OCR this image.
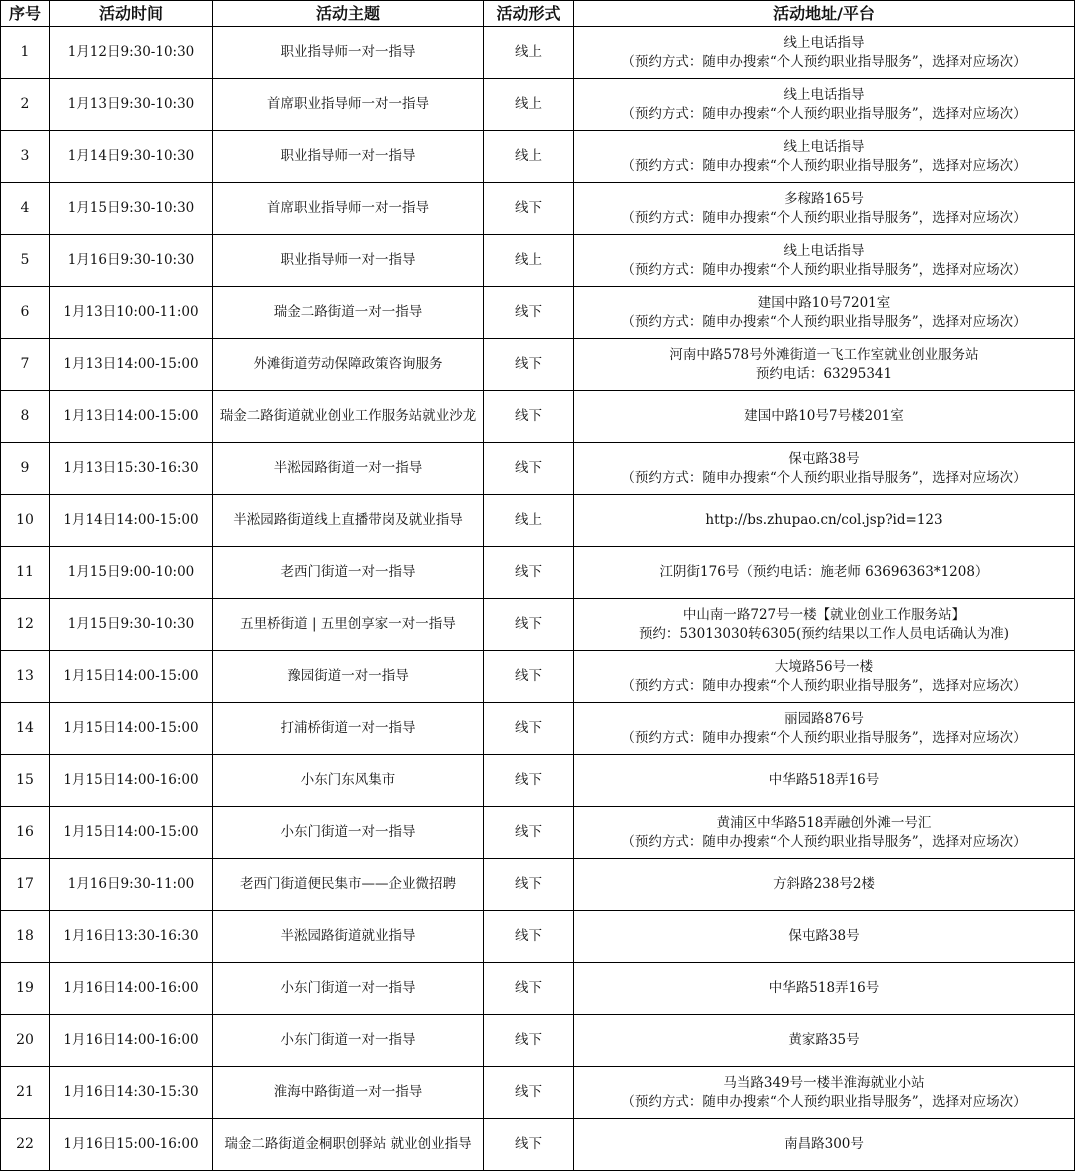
序号	活动时间	活动主题	活动形式	活动地址/平台
1	1月12日9:30-10:30	职业指导师一对一指导	线上	线上电话指导
（预约方式：随申办搜索“个人预约职业指导服务”，选择对应场次）

2	1月13日9:30-10:30	首席职业指导师一对一指导	线上	线上电话指导
（预约方式：随申办搜索“个人预约职业指导服务”，选择对应场次）

3	1月14日9:30-10:30	职业指导师一对一指导	线上	线上电话指导
（预约方式：随申办搜索“个人预约职业指导服务”，选择对应场次）

4	1月15日9:30-10:30	首席职业指导师一对一指导	线下	多稼路165号
（预约方式：随申办搜索“个人预约职业指导服务”，选择对应场次）

5	1月16日9:30-10:30	职业指导师一对一指导	线上	线上电话指导
（预约方式：随申办搜索“个人预约职业指导服务”，选择对应场次）

6	1月13日10:00-11:00	瑞金二路街道一对一指导	线下	建国中路10号7201室
（预约方式：随申办搜索“个人预约职业指导服务”，选择对应场次）

7	1月13日14:00-15:00	外滩街道劳动保障政策咨询服务	线下	河南中路578号外滩街道一飞工作室就业创业服务站
预约电话：63295341

8	1月13日14:00-15:00	瑞金二路街道就业创业工作服务站就业沙龙	线下	建国中路10号7号楼201室

9	1月13日15:30-16:30	半淞园路街道一对一指导	线下	保屯路38号
（预约方式：随申办搜索“个人预约职业指导服务”，选择对应场次）

10	1月14日14:00-15:00	半淞园路街道线上直播带岗及就业指导	线上	http://bs.zhupao.cn/col.jsp?id=123

11	1月15日9:00-10:00	老西门街道一对一指导	线下	江阴街176号（预约电话：施老师 63696363*1208）

12	1月15日9:30-10:30	五里桥街道 | 五里创享家一对一指导	线下	中山南一路727号一楼【就业创业工作服务站】
预约：53013030转6305(预约结果以工作人员电话确认为准)

13	1月15日14:00-15:00	豫园街道一对一指导	线下	大境路56号一楼
（预约方式：随申办搜索“个人预约职业指导服务”，选择对应场次）

14	1月15日14:00-15:00	打浦桥街道一对一指导	线下	丽园路876号
（预约方式：随申办搜索“个人预约职业指导服务”，选择对应场次）

15	1月15日14:00-16:00	小东门东风集市	线下	中华路518弄16号

16	1月15日14:00-15:00	小东门街道一对一指导	线下	黄浦区中华路518弄融创外滩一号汇
（预约方式：随申办搜索“个人预约职业指导服务”，选择对应场次）

17	1月16日9:30-11:00	老西门街道便民集市——企业微招聘	线下	方斜路238号2楼

18	1月16日13:30-16:30	半淞园路街道就业指导	线下	保屯路38号

19	1月16日14:00-16:00	小东门街道一对一指导	线下	中华路518弄16号

20	1月16日14:00-16:00	小东门街道一对一指导	线下	黄家路35号

21	1月16日14:30-15:30	淮海中路街道一对一指导	线下	马当路349号一楼半淮海就业小站
（预约方式：随申办搜索“个人预约职业指导服务”，选择对应场次）

22	1月16日15:00-16:00	瑞金二路街道金桐职创驿站 就业创业指导	线下	南昌路300号
